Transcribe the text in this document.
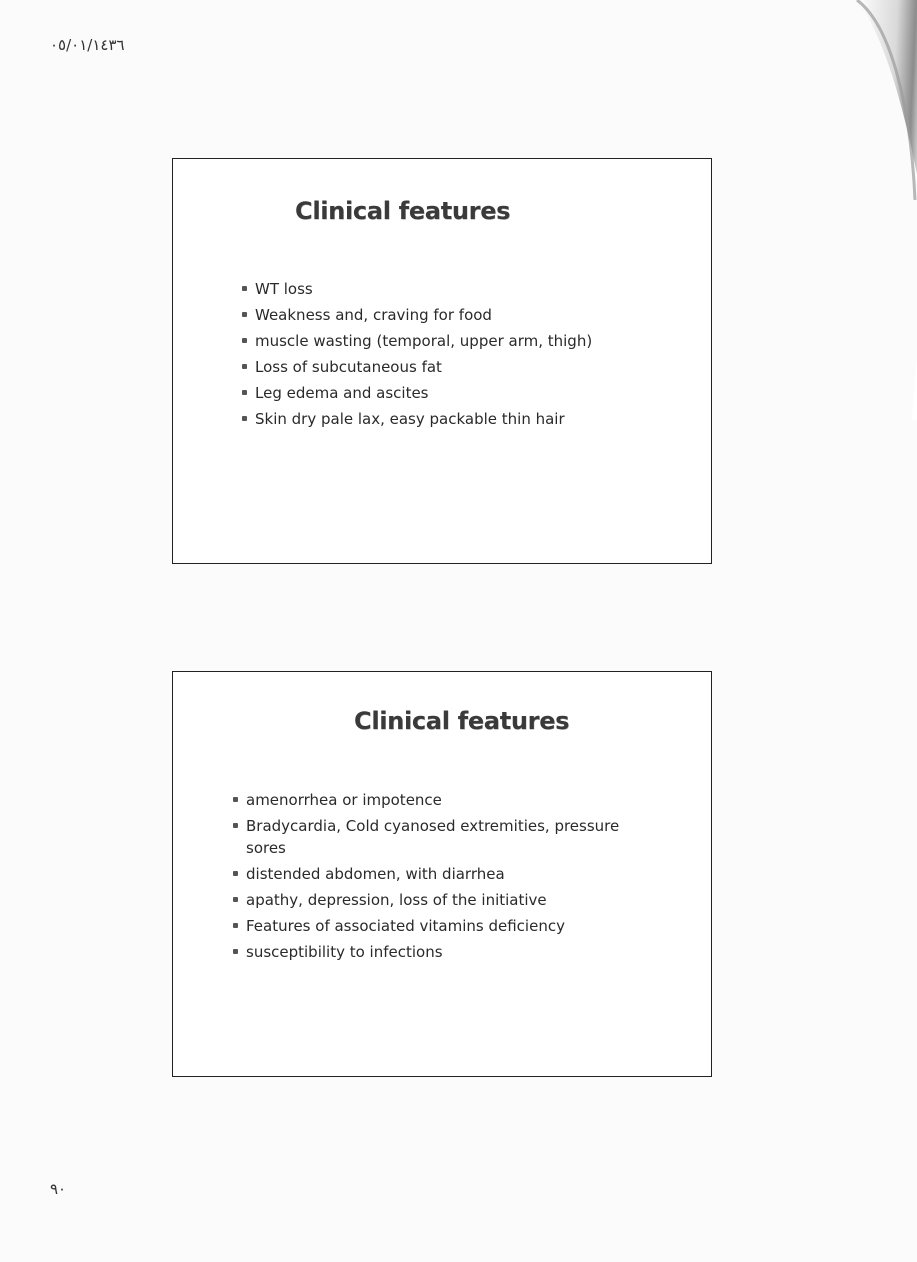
٠٥/٠١/١٤٣٦
Clinical features
WT loss
Weakness and, craving for food
muscle wasting (temporal, upper arm, thigh)
Loss of subcutaneous fat
Leg edema and ascites
Skin dry pale lax, easy packable thin hair
Clinical features
amenorrhea or impotence
Bradycardia, Cold cyanosed extremities, pressure sores
distended abdomen, with diarrhea
apathy, depression, loss of the initiative
Features of associated vitamins deficiency
susceptibility to infections
٩٠
